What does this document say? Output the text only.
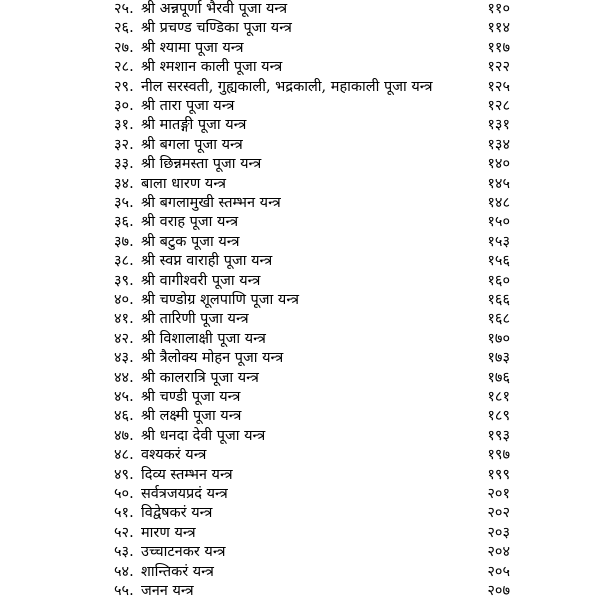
२५. श्री अन्नपूर्णा भैरवी पूजा यन्त्र	११०
२६. श्री प्रचण्ड चण्डिका पूजा यन्त्र	११४
२७. श्री श्यामा पूजा यन्त्र	११७
२८. श्री श्मशान काली पूजा यन्त्र	१२२
२९. नील सरस्वती, गुह्यकाली, भद्रकाली, महाकाली पूजा यन्त्र	१२५
३०. श्री तारा पूजा यन्त्र	१२८
३१. श्री मातङ्गी पूजा यन्त्र	१३१
३२. श्री बगला पूजा यन्त्र	१३४
३३. श्री छिन्नमस्ता पूजा यन्त्र	१४०
३४. बाला धारण यन्त्र	१४५
३५. श्री बगलामुखी स्तम्भन यन्त्र	१४८
३६. श्री वराह पूजा यन्त्र	१५०
३७. श्री बटुक पूजा यन्त्र	१५३
३८. श्री स्वप्न वाराही पूजा यन्त्र	१५६
३९. श्री वागीश्वरी पूजा यन्त्र	१६०
४०. श्री चण्डोग्र शूलपाणि पूजा यन्त्र	१६६
४१. श्री तारिणी पूजा यन्त्र	१६८
४२. श्री विशालाक्षी पूजा यन्त्र	१७०
४३. श्री त्रैलोक्य मोहन पूजा यन्त्र	१७३
४४. श्री कालरात्रि पूजा यन्त्र	१७६
४५. श्री चण्डी पूजा यन्त्र	१८१
४६. श्री लक्ष्मी पूजा यन्त्र	१८९
४७. श्री धनदा देवी पूजा यन्त्र	१९३
४८. वश्यकरं यन्त्र	१९७
४९. दिव्य स्तम्भन यन्त्र	१९९
५०. सर्वत्रजयप्रदं यन्त्र	२०१
५१. विद्वेषकरं यन्त्र	२०२
५२. मारण यन्त्र	२०३
५३. उच्चाटनकर यन्त्र	२०४
५४. शान्तिकरं यन्त्र	२०५
५५. जनन यन्त्र	२०७
